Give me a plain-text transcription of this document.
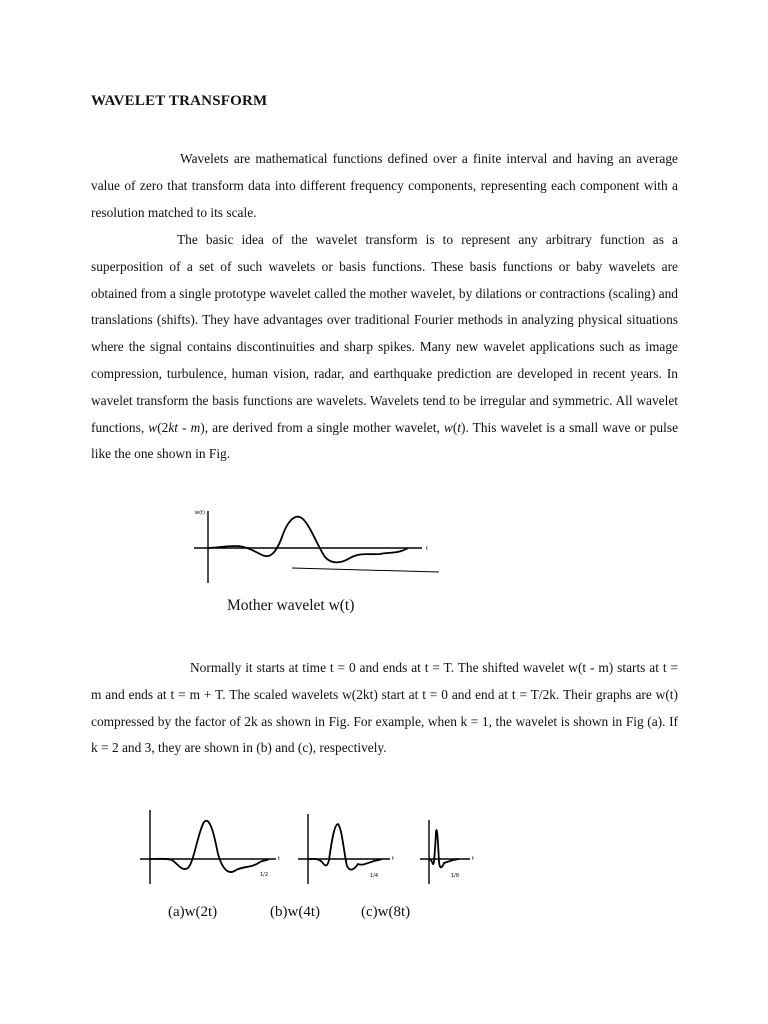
WAVELET TRANSFORM

Wavelets are mathematical functions defined over a finite interval and having an average value of zero that transform data into different frequency components, representing each component with a resolution matched to its scale.

The basic idea of the wavelet transform is to represent any arbitrary function as a superposition of a set of such wavelets or basis functions. These basis functions or baby wavelets are obtained from a single prototype wavelet called the mother wavelet, by dilations or contractions (scaling) and translations (shifts). They have advantages over traditional Fourier methods in analyzing physical situations where the signal contains discontinuities and sharp spikes. Many new wavelet applications such as image compression, turbulence, human vision, radar, and earthquake prediction are developed in recent years. In wavelet transform the basis functions are wavelets. Wavelets tend to be irregular and symmetric. All wavelet functions, w(2kt - m), are derived from a single mother wavelet, w(t). This wavelet is a small wave or pulse like the one shown in Fig.

w(t)
t
Mother wavelet w(t)

Normally it starts at time t = 0 and ends at t = T. The shifted wavelet w(t - m) starts at t = m and ends at t = m + T. The scaled wavelets w(2kt) start at t = 0 and end at t = T/2k. Their graphs are w(t) compressed by the factor of 2k as shown in Fig. For example, when k = 1, the wavelet is shown in Fig (a). If k = 2 and 3, they are shown in (b) and (c), respectively.

1/2
t
1/4
t
1/8
t
(a)w(2t)	(b)w(4t)	(c)w(8t)
